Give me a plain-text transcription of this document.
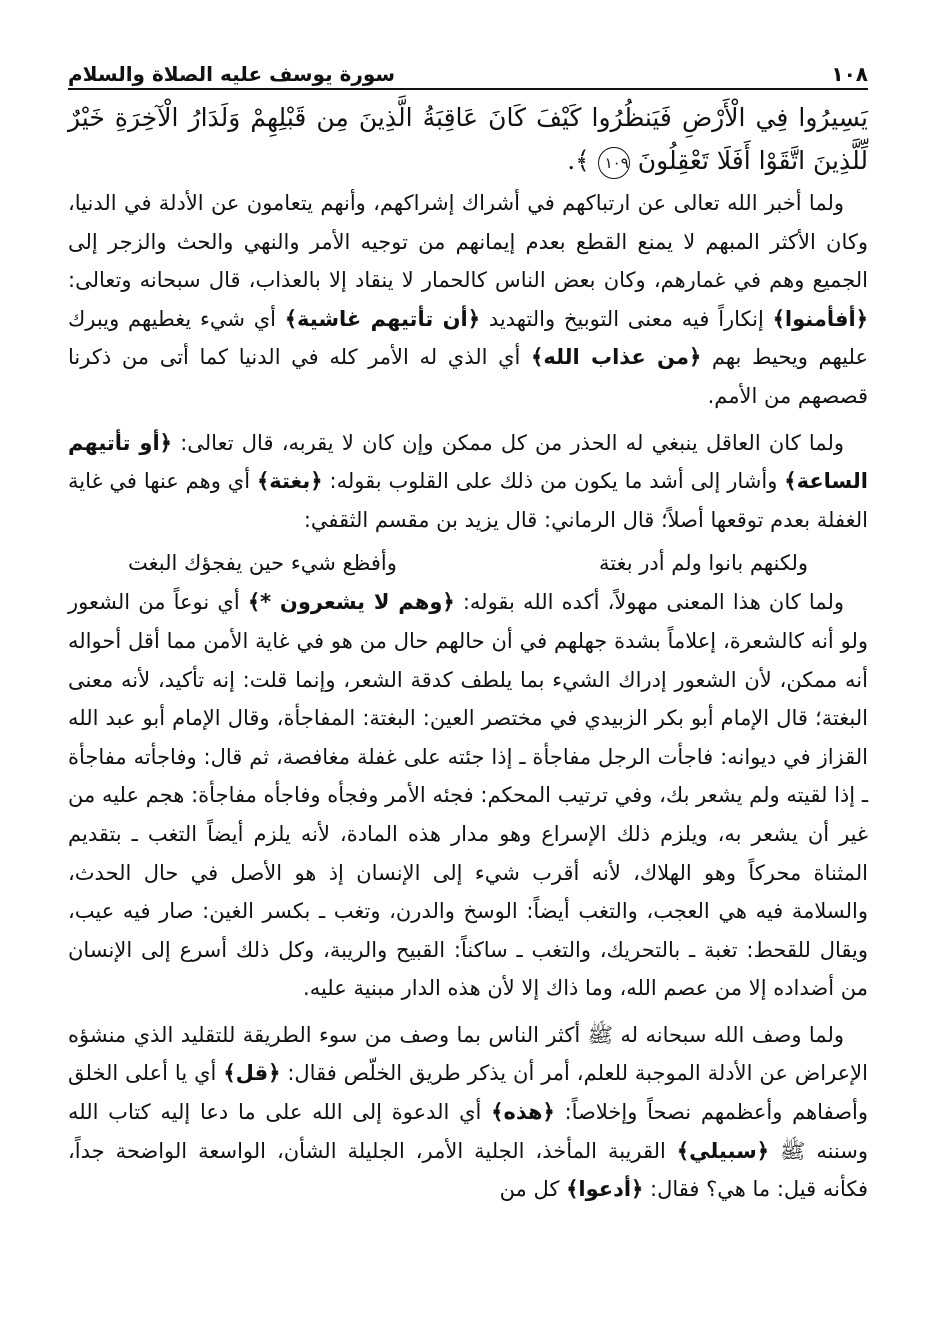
١٠٨
سورة يوسف عليه الصلاة والسلام
يَسِيرُوا فِي الْأَرْضِ فَيَنظُرُوا كَيْفَ كَانَ عَاقِبَةُ الَّذِينَ مِن قَبْلِهِمْ وَلَدَارُ الْآخِرَةِ خَيْرٌ لِّلَّذِينَ اتَّقَوْا أَفَلَا تَعْقِلُونَ ١٠٩ ﴾.

ولما أخبر الله تعالى عن ارتباكهم في أشراك إشراكهم، وأنهم يتعامون عن الأدلة في الدنيا، وكان الأكثر المبهم لا يمنع القطع بعدم إيمانهم من توجيه الأمر والنهي والحث والزجر إلى الجميع وهم في غمارهم، وكان بعض الناس كالحمار لا ينقاد إلا بالعذاب، قال سبحانه وتعالى: ﴿أفأمنوا﴾ إنكاراً فيه معنى التوبيخ والتهديد ﴿أن تأتيهم غاشية﴾ أي شيء يغطيهم ويبرك عليهم ويحيط بهم ﴿من عذاب الله﴾ أي الذي له الأمر كله في الدنيا كما أتى من ذكرنا قصصهم من الأمم.

ولما كان العاقل ينبغي له الحذر من كل ممكن وإن كان لا يقربه، قال تعالى: ﴿أو تأتيهم الساعة﴾ وأشار إلى أشد ما يكون من ذلك على القلوب بقوله: ﴿بغتة﴾ أي وهم عنها في غاية الغفلة بعدم توقعها أصلاً؛ قال الرماني: قال يزيد بن مقسم الثقفي:

ولكنهم بانوا ولم أدر بغتة
وأفظع شيء حين يفجؤك البغت

ولما كان هذا المعنى مهولاً، أكده الله بقوله: ﴿وهم لا يشعرون *﴾ أي نوعاً من الشعور ولو أنه كالشعرة، إعلاماً بشدة جهلهم في أن حالهم حال من هو في غاية الأمن مما أقل أحواله أنه ممكن، لأن الشعور إدراك الشيء بما يلطف كدقة الشعر، وإنما قلت: إنه تأكيد، لأنه معنى البغتة؛ قال الإمام أبو بكر الزبيدي في مختصر العين: البغتة: المفاجأة، وقال الإمام أبو عبد الله القزاز في ديوانه: فاجأت الرجل مفاجأة ـ إذا جئته على غفلة مغافصة، ثم قال: وفاجأته مفاجأة ـ إذا لقيته ولم يشعر بك، وفي ترتيب المحكم: فجئه الأمر وفجأه وفاجأه مفاجأة: هجم عليه من غير أن يشعر به، ويلزم ذلك الإسراع وهو مدار هذه المادة، لأنه يلزم أيضاً التغب ـ بتقديم المثناة محركاً وهو الهلاك، لأنه أقرب شيء إلى الإنسان إذ هو الأصل في حال الحدث، والسلامة فيه هي العجب، والتغب أيضاً: الوسخ والدرن، وتغب ـ بكسر الغين: صار فيه عيب، ويقال للقحط: تغبة ـ بالتحريك، والتغب ـ ساكناً: القبيح والريبة، وكل ذلك أسرع إلى الإنسان من أضداده إلا من عصم الله، وما ذاك إلا لأن هذه الدار مبنية عليه.

ولما وصف الله سبحانه له ﷺ أكثر الناس بما وصف من سوء الطريقة للتقليد الذي منشؤه الإعراض عن الأدلة الموجبة للعلم، أمر أن يذكر طريق الخلّص فقال: ﴿قل﴾ أي يا أعلى الخلق وأصفاهم وأعظمهم نصحاً وإخلاصاً: ﴿هذه﴾ أي الدعوة إلى الله على ما دعا إليه كتاب الله وسننه ﷺ ﴿سبيلي﴾ القريبة المأخذ، الجلية الأمر، الجليلة الشأن، الواسعة الواضحة جداً، فكأنه قيل: ما هي؟ فقال: ﴿أدعوا﴾ كل من
